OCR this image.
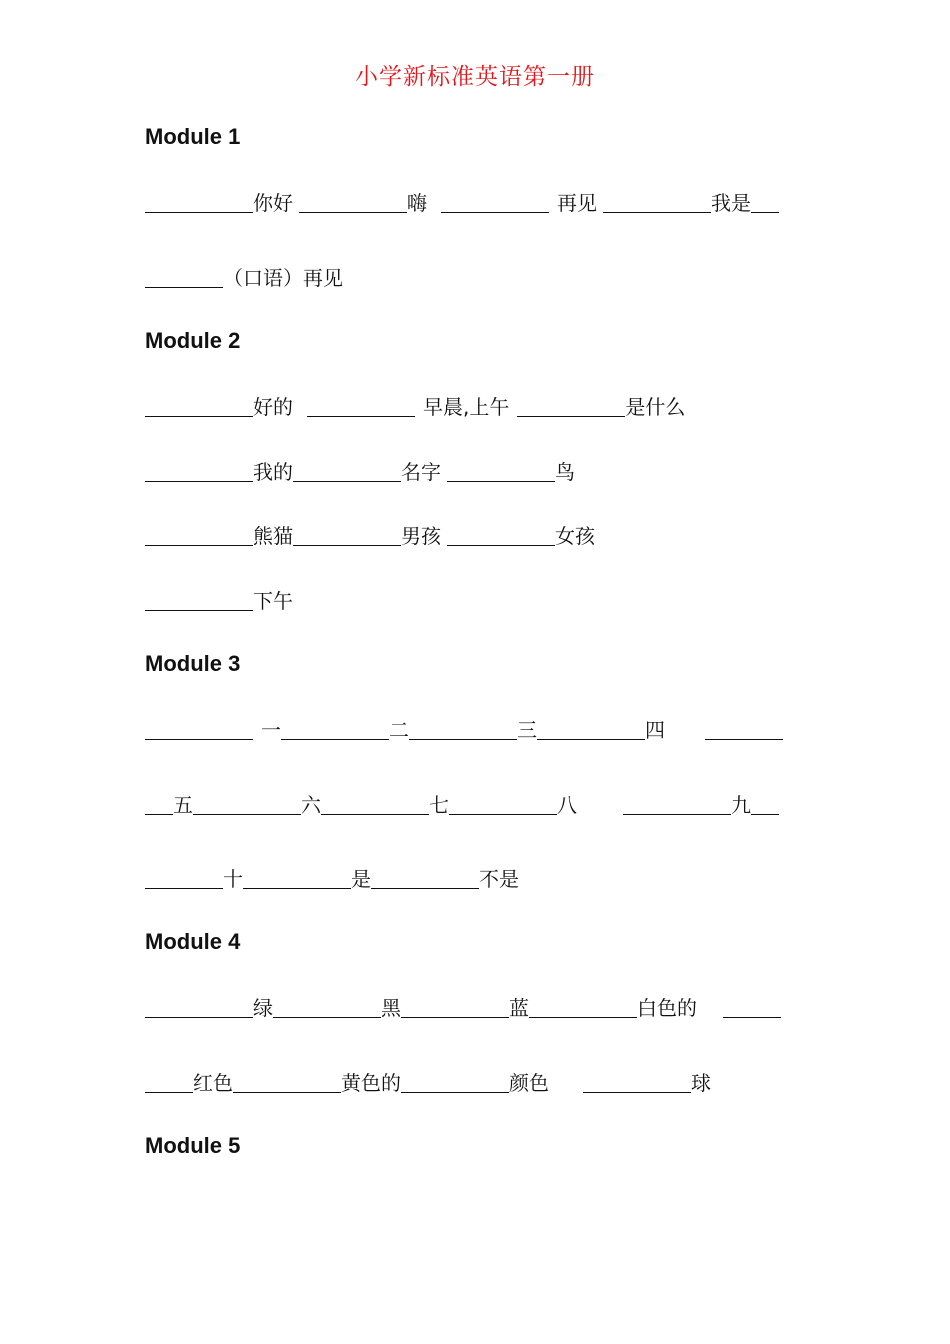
小学新标准英语第一册
Module 1
你好	嗨	再见	我是
（口语）再见
Module 2
好的	早晨,上午	是什么
我的	名字	鸟
熊猫	男孩	女孩
下午
Module 3
一	二	三	四
五	六	七	八	九
十	是	不是
Module 4
绿	黑	蓝	白色的
红色	黄色的	颜色	球
Module 5
